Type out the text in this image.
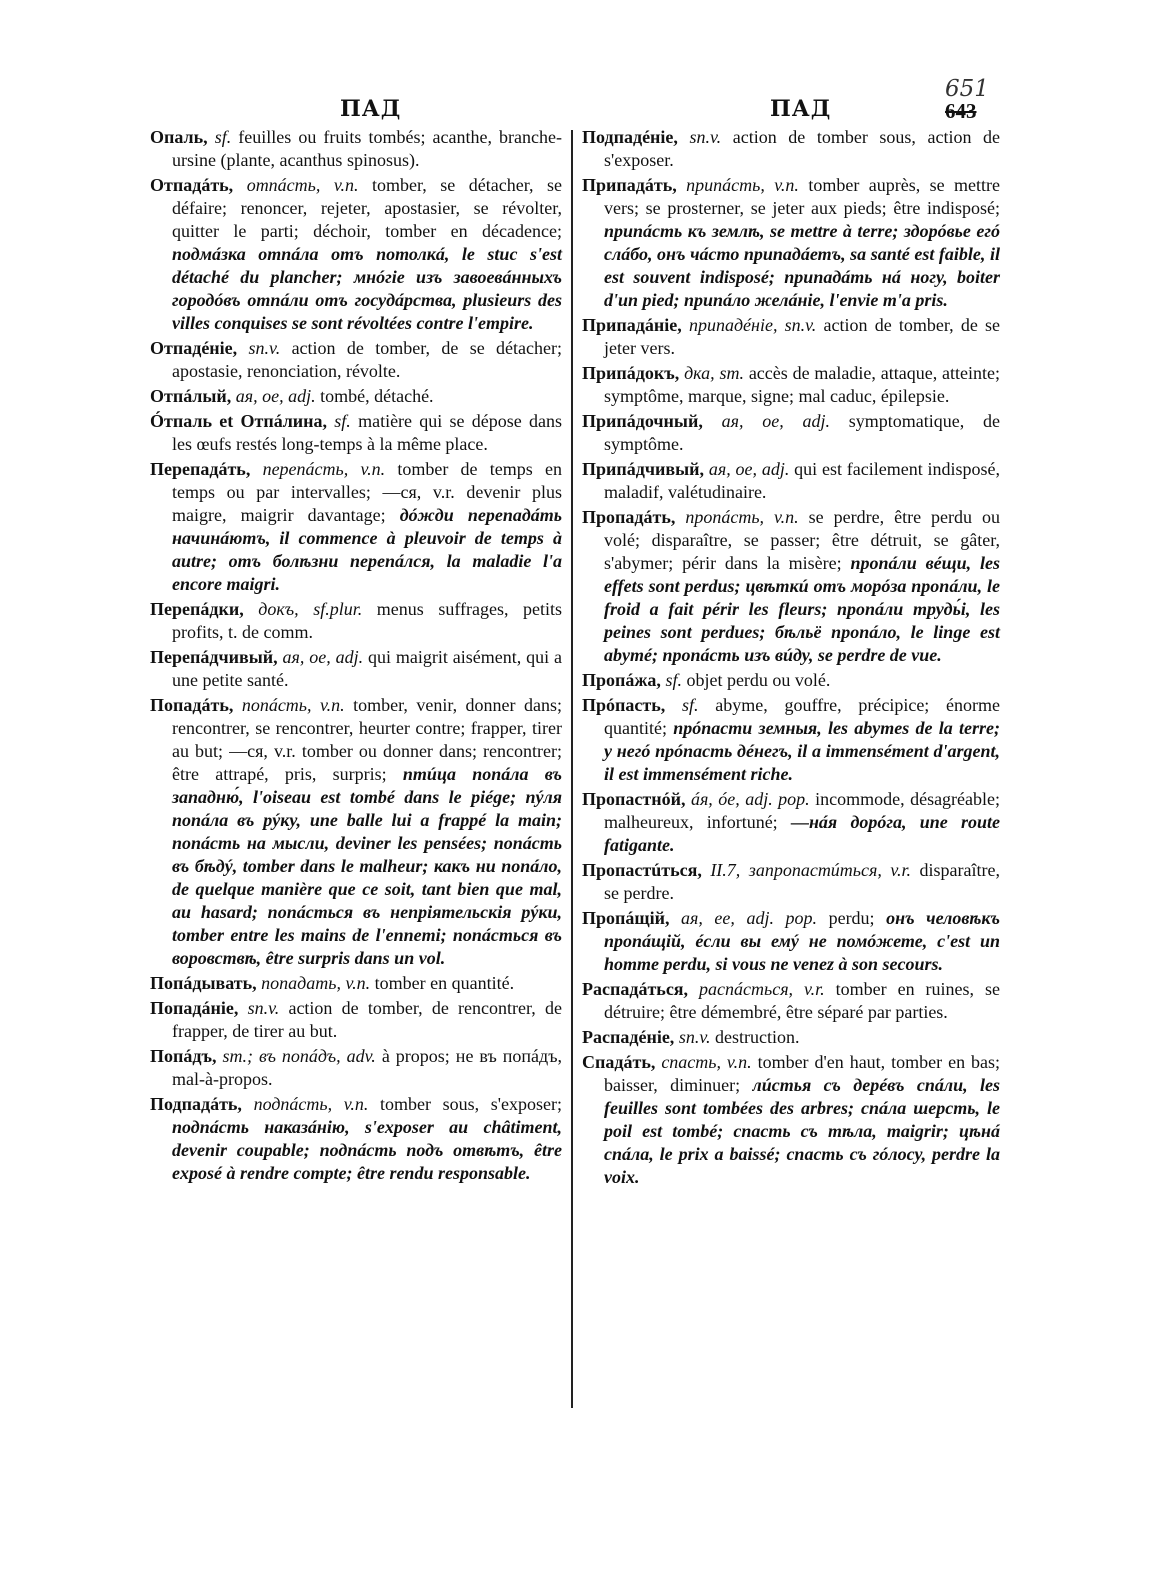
651
ПАД	ПАД	643

Опаль, sf. feuilles ou fruits tombés; acanthe, branche-ursine (plante, acanthus spinosus).

Отпадáть, отпáсть, v.n. tomber, se détacher, se défaire; renoncer, rejeter, apostasier, se révolter, quitter le parti; déchoir, tomber en décadence; подмáзка отпáла отъ потолкá, le stuc s'est détaché du plancher; мнóгіе изъ завоевáнныхъ городóвъ отпáли отъ госудáрства, plusieurs des villes conquises se sont révoltées contre l'empire.

Отпадéніе, sn.v. action de tomber, de se détacher; apostasie, renonciation, révolte.

Отпáлый, ая, ое, adj. tombé, détaché.

Óтпаль et Отпáлина, sf. matière qui se dépose dans les œufs restés long-temps à la même place.

Перепадáть, перепáсть, v.n. tomber de temps en temps ou par intervalles; —ся, v.r. devenir plus maigre, maigrir davantage; дóжди перепадáть начинáютъ, il commence à pleuvoir de temps à autre; отъ болѣзни перепáлся, la maladie l'a encore maigri.

Перепáдки, докъ, sf.plur. menus suffrages, petits profits, t. de comm.

Перепáдчивый, ая, ое, adj. qui maigrit aisément, qui a une petite santé.

Попадáть, попáсть, v.n. tomber, venir, donner dans; rencontrer, se rencontrer, heurter contre; frapper, tirer au but; —ся, v.r. tomber ou donner dans; rencontrer; être attrapé, pris, surpris; птúца попáла въ западню́, l'oiseau est tombé dans le piége; пýля попáла въ рýку, une balle lui a frappé la main; попáсть на мысли, deviner les pensées; попáсть въ бѣдý, tomber dans le malheur; какъ ни попáло, de quelque manière que ce soit, tant bien que mal, au hasard; попáсться въ непріятельскія рýки, tomber entre les mains de l'ennemi; попáсться въ воровствѣ, être surpris dans un vol.

Попáдывать, попадать, v.n. tomber en quantité.

Попадáніе, sn.v. action de tomber, de rencontrer, de frapper, de tirer au but.

Попáдъ, sm.; въ попáдъ, adv. à propos; не въ попáдъ, mal-à-propos.

Подпадáть, подпáсть, v.n. tomber sous, s'exposer; подпáсть наказáнію, s'exposer au châtiment, devenir coupable; подпáсть подъ отвѣтъ, être exposé à rendre compte; être rendu responsable.

Подпадéніе, sn.v. action de tomber sous, action de s'exposer.

Припадáть, припáсть, v.n. tomber auprès, se mettre vers; se prosterner, se jeter aux pieds; être indisposé; припáсть къ землѣ, se mettre à terre; здорóвье егó слáбо, онъ чáсто припадáетъ, sa santé est faible, il est souvent indisposé; припадáть нá ногу, boiter d'un pied; припáло желáніе, l'envie m'a pris.

Припадáніе, припадéніе, sn.v. action de tomber, de se jeter vers.

Припáдокъ, дка, sm. accès de maladie, attaque, atteinte; symptôme, marque, signe; mal caduc, épilepsie.

Припáдочный, ая, ое, adj. symptomatique, de symptôme.

Припáдчивый, ая, ое, adj. qui est facilement indisposé, maladif, valétudinaire.

Пропадáть, пропáсть, v.n. se perdre, être perdu ou volé; disparaître, se passer; être détruit, se gâter, s'abymer; périr dans la misère; пропáли вéщи, les effets sont perdus; цвѣткú отъ морóза пропáли, le froid a fait périr les fleurs; пропáли трудь́і, les peines sont perdues; бѣльё пропáло, le linge est abymé; пропáсть изъ вúду, se perdre de vue.

Пропáжа, sf. objet perdu ou volé.

Прóпасть, sf. abyme, gouffre, précipice; énorme quantité; прóпасти земныя, les abymes de la terre; у негó прóпасть дéнегъ, il a immensément d'argent, il est immensément riche.

Пропастнóй, áя, óе, adj. pop. incommode, désagréable; malheureux, infortuné; —нáя дорóга, une route fatigante.

Пропастúться, II.7, запропастúться, v.r. disparaître, se perdre.

Пропáщій, ая, ее, adj. pop. perdu; онъ человѣкъ пропáщій, éсли вы емý не помóжете, c'est un homme perdu, si vous ne venez à son secours.

Распадáться, распáсться, v.r. tomber en ruines, se détruire; être démembré, être séparé par parties.

Распадéніе, sn.v. destruction.

Спадáть, спасть, v.n. tomber d'en haut, tomber en bas; baisser, diminuer; лúстья съ дерéвъ спáли, les feuilles sont tombées des arbres; спáла шерсть, le poil est tombé; спасть съ тѣла, maigrir; цѣнá спáла, le prix a baissé; спасть съ гóлосу, perdre la voix.
